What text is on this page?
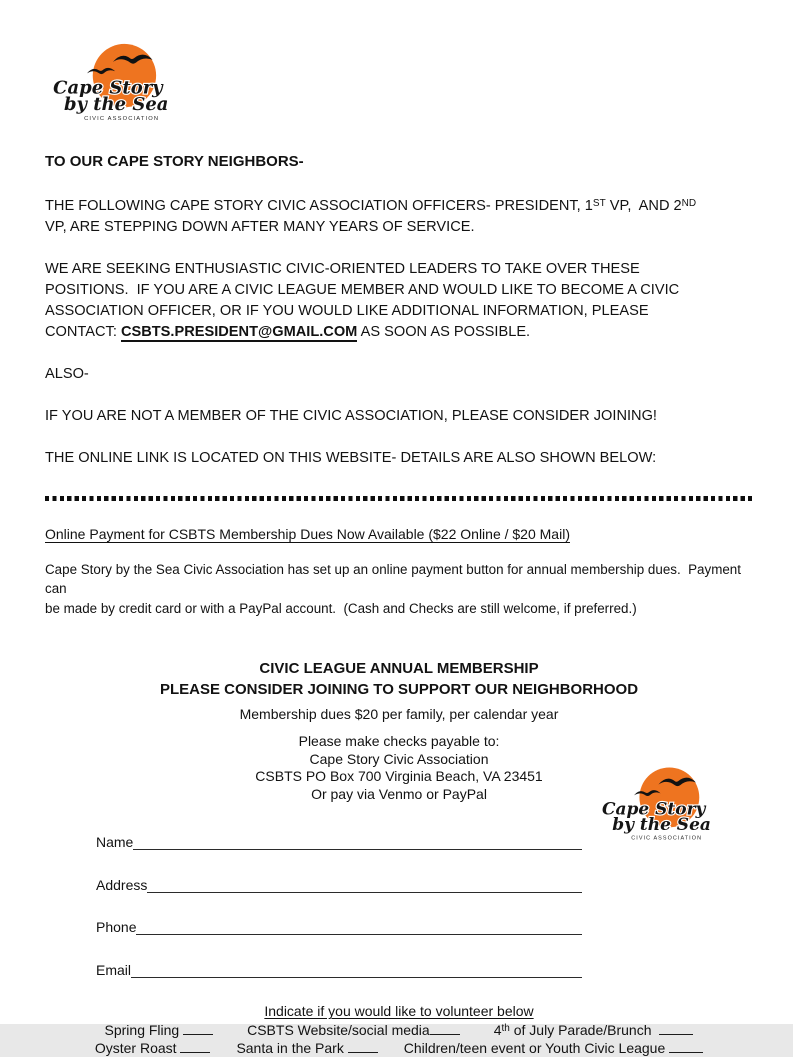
Cape Story
by the Sea
CIVIC ASSOCIATION
TO OUR CAPE STORY NEIGHBORS-
THE FOLLOWING CAPE STORY CIVIC ASSOCIATION OFFICERS- PRESIDENT, 1ST VP,  AND 2ND
VP, ARE STEPPING DOWN AFTER MANY YEARS OF SERVICE.
WE ARE SEEKING ENTHUSIASTIC CIVIC-ORIENTED LEADERS TO TAKE OVER THESE
POSITIONS.  IF YOU ARE A CIVIC LEAGUE MEMBER AND WOULD LIKE TO BECOME A CIVIC
ASSOCIATION OFFICER, OR IF YOU WOULD LIKE ADDITIONAL INFORMATION, PLEASE
CONTACT: CSBTS.PRESIDENT@GMAIL.COM AS SOON AS POSSIBLE.
ALSO-
IF YOU ARE NOT A MEMBER OF THE CIVIC ASSOCIATION, PLEASE CONSIDER JOINING!
THE ONLINE LINK IS LOCATED ON THIS WEBSITE- DETAILS ARE ALSO SHOWN BELOW:
Online Payment for CSBTS Membership Dues Now Available ($22 Online / $20 Mail)
Cape Story by the Sea Civic Association has set up an online payment button for annual membership dues.  Payment can
be made by credit card or with a PayPal account.  (Cash and Checks are still welcome, if preferred.)
CIVIC LEAGUE ANNUAL MEMBERSHIP
PLEASE CONSIDER JOINING TO SUPPORT OUR NEIGHBORHOOD
Membership dues $20 per family, per calendar year
Please make checks payable to:
Cape Story Civic Association
CSBTS PO Box 700 Virginia Beach, VA 23451
Or pay via Venmo or PayPal
Name
Address
Phone
Email
Indicate if you would like to volunteer below
Spring Fling	CSBTS Website/social media	4th of July Parade/Brunch
Oyster Roast	Santa in the Park	Children/teen event or Youth Civic League
Cape Story
by the Sea
CIVIC ASSOCIATION
